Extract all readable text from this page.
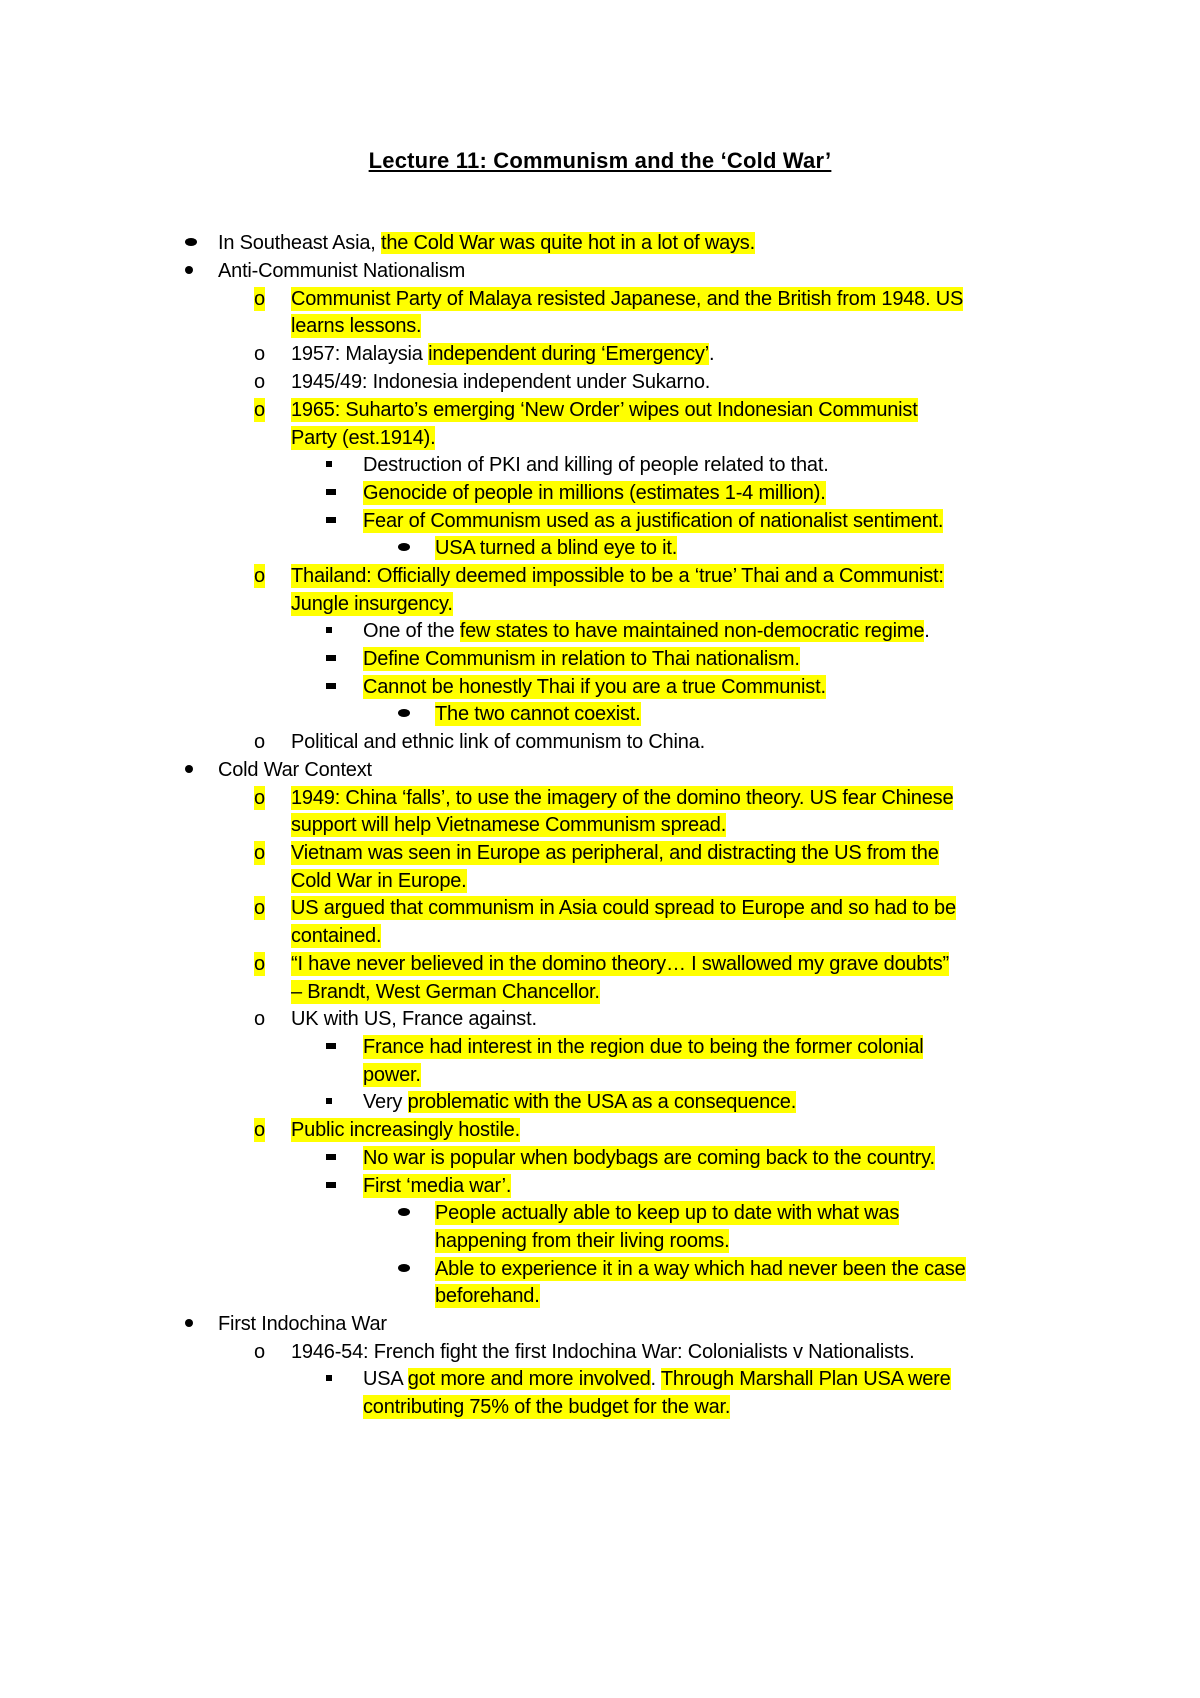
Lecture 11: Communism and the ‘Cold War’
In Southeast Asia, the Cold War was quite hot in a lot of ways.
Anti-Communist Nationalism
o Communist Party of Malaya resisted Japanese, and the British from 1948. US
learns lessons.
o 1957: Malaysia independent during ‘Emergency’.
o 1945/49: Indonesia independent under Sukarno.
o 1965: Suharto’s emerging ‘New Order’ wipes out Indonesian Communist
Party (est.1914).
Destruction of PKI and killing of people related to that.
Genocide of people in millions (estimates 1-4 million).
Fear of Communism used as a justification of nationalist sentiment.
USA turned a blind eye to it.
o Thailand: Officially deemed impossible to be a ‘true’ Thai and a Communist:
Jungle insurgency.
One of the few states to have maintained non-democratic regime.
Define Communism in relation to Thai nationalism.
Cannot be honestly Thai if you are a true Communist.
The two cannot coexist.
o Political and ethnic link of communism to China.
Cold War Context
o 1949: China ‘falls’, to use the imagery of the domino theory. US fear Chinese
support will help Vietnamese Communism spread.
o Vietnam was seen in Europe as peripheral, and distracting the US from the
Cold War in Europe.
o US argued that communism in Asia could spread to Europe and so had to be
contained.
o “I have never believed in the domino theory… I swallowed my grave doubts”
– Brandt, West German Chancellor.
o UK with US, France against.
France had interest in the region due to being the former colonial
power.
Very problematic with the USA as a consequence.
o Public increasingly hostile.
No war is popular when bodybags are coming back to the country.
First ‘media war’.
People actually able to keep up to date with what was
happening from their living rooms.
Able to experience it in a way which had never been the case
beforehand.
First Indochina War
o 1946-54: French fight the first Indochina War: Colonialists v Nationalists.
USA got more and more involved. Through Marshall Plan USA were
contributing 75% of the budget for the war.
